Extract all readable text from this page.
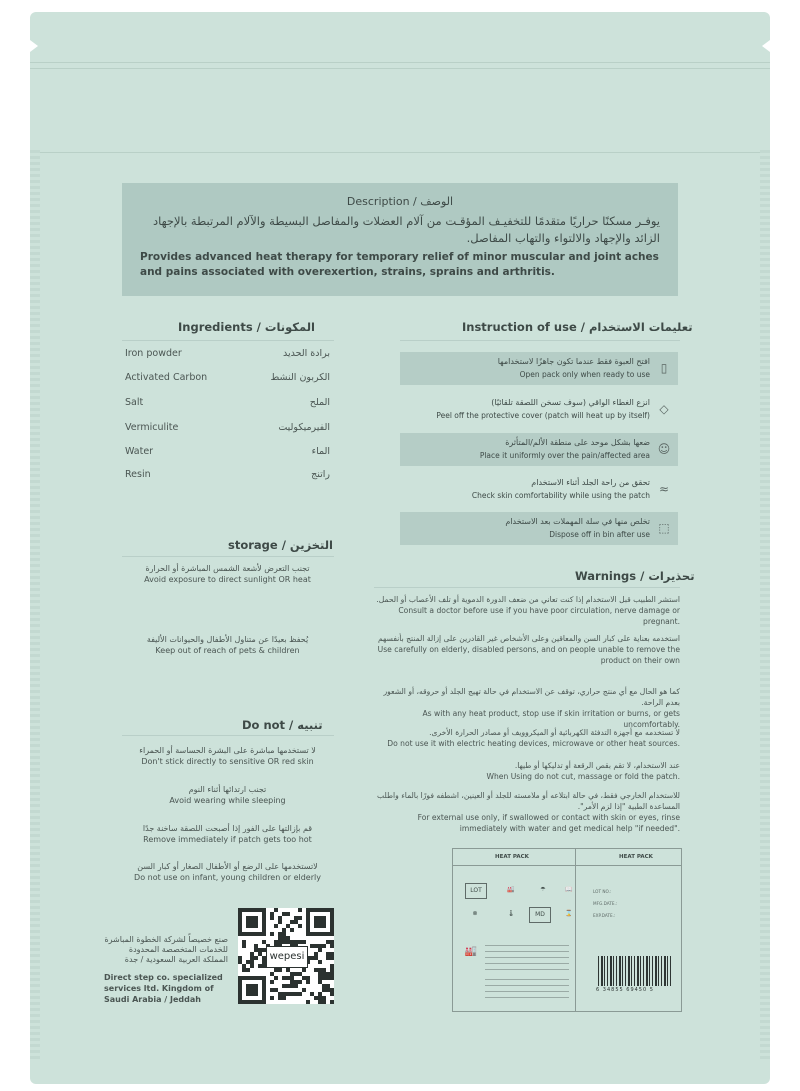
Description / الوصف
يوفـر مسكنًا حراريًا متقدمًا للتخفيـف المؤقـت من آلام العضلات والمفاصل البسيطة والآلام المرتبطة بالإجهاد الزائد والإجهاد والالتواء والتهاب المفاصل.
Provides advanced heat therapy for temporary relief of minor muscular and joint aches and pains associated with overexertion, strains, sprains and arthritis.
Ingredients / المكونات
Iron powder	برادة الحديد
Activated Carbon	الكربون النشط
Salt	الملح
Vermiculite	الفيرميكوليت
Water	الماء
Resin	راتنج
storage / التخزين
تجنب التعرض لأشعة الشمس المباشرة أو الحرارة
Avoid exposure to direct sunlight OR heat
يُحفظ بعيدًا عن متناول الأطفال والحيوانات الأليفة
Keep out of reach of pets & children
Do not / تنبيه
لا تستخدمها مباشرة على البشرة الحساسة أو الحمراء
Don't stick directly to sensitive OR red skin
تجنب ارتدائها أثناء النوم
Avoid wearing while sleeping
قم بإزالتها على الفور إذا أصبحت اللصقة ساخنة جدًا
Remove immediately if patch gets too hot
لاتستخدمها على الرضع أو الأطفال الصغار أو كبار السن
Do not use on infant, young children or elderly
Instruction of use / تعليمات الاستخدام
▯
افتح العبوة فقط عندما تكون جاهزًا لاستخدامها
Open pack only when ready to use
◇
انزع الغطاء الواقي (سوف تسخن اللصقة تلقائيًا)
Peel off the protective cover (patch will heat up by itself)
☺
ضعها بشكل موحد على منطقة الألم/المتأثرة
Place it uniformly over the pain/affected area
≈
تحقق من راحة الجلد أثناء الاستخدام
Check skin comfortability while using the patch
⬚
تخلص منها في سلة المهملات بعد الاستخدام
Dispose off in bin after use
Warnings / تحذيرات
استشر الطبيب قبل الاستخدام إذا كنت تعاني من ضعف الدورة الدموية أو تلف الأعصاب أو الحمل.
Consult a doctor before use if you have poor circulation, nerve damage or pregnant.
استخدمه بعناية على كبار السن والمعاقين وعلى الأشخاص غير القادرين على إزالة المنتج بأنفسهم
Use carefully on elderly, disabled persons, and on people unable to remove the product on their own
كما هو الحال مع أي منتج حراري، توقف عن الاستخدام في حالة تهيج الجلد أو حروقه، أو الشعور بعدم الراحة.
As with any heat product, stop use if skin irritation or burns, or gets uncomfortably.
لا تستخدمه مع أجهزة التدفئة الكهربائية أو الميكروويف أو مصادر الحرارة الأخرى.
Do not use it with electric heating devices, microwave or other heat sources.
عند الاستخدام، لا تقم بقص الرقعة أو تدليكها أو طيها.
When Using do not cut, massage or fold the patch.
للاستخدام الخارجي فقط، في حالة ابتلاعه أو ملامسته للجلد أو العينين، اشطفه فورًا بالماء واطلب المساعدة الطبية "إذا لزم الأمر".
For external use only, if swallowed or contact with skin or eyes, rinse immediately with water and get medical help "if needed".
HEAT PACK	HEAT PACK
LOT	🏭	☂	📖
⊗	🌡	MD	⌛
LOT NO.:
MFG.DATE.:
EXP.DATE.:
🏭
6 34855 69450 5
wepesi
صنع خصيصاً لشركة الخطوة المباشرة للخدمات المتخصصة المحدودة المملكة العربية السعودية / جدة
Direct step co. specialized services ltd. Kingdom of Saudi Arabia / Jeddah
